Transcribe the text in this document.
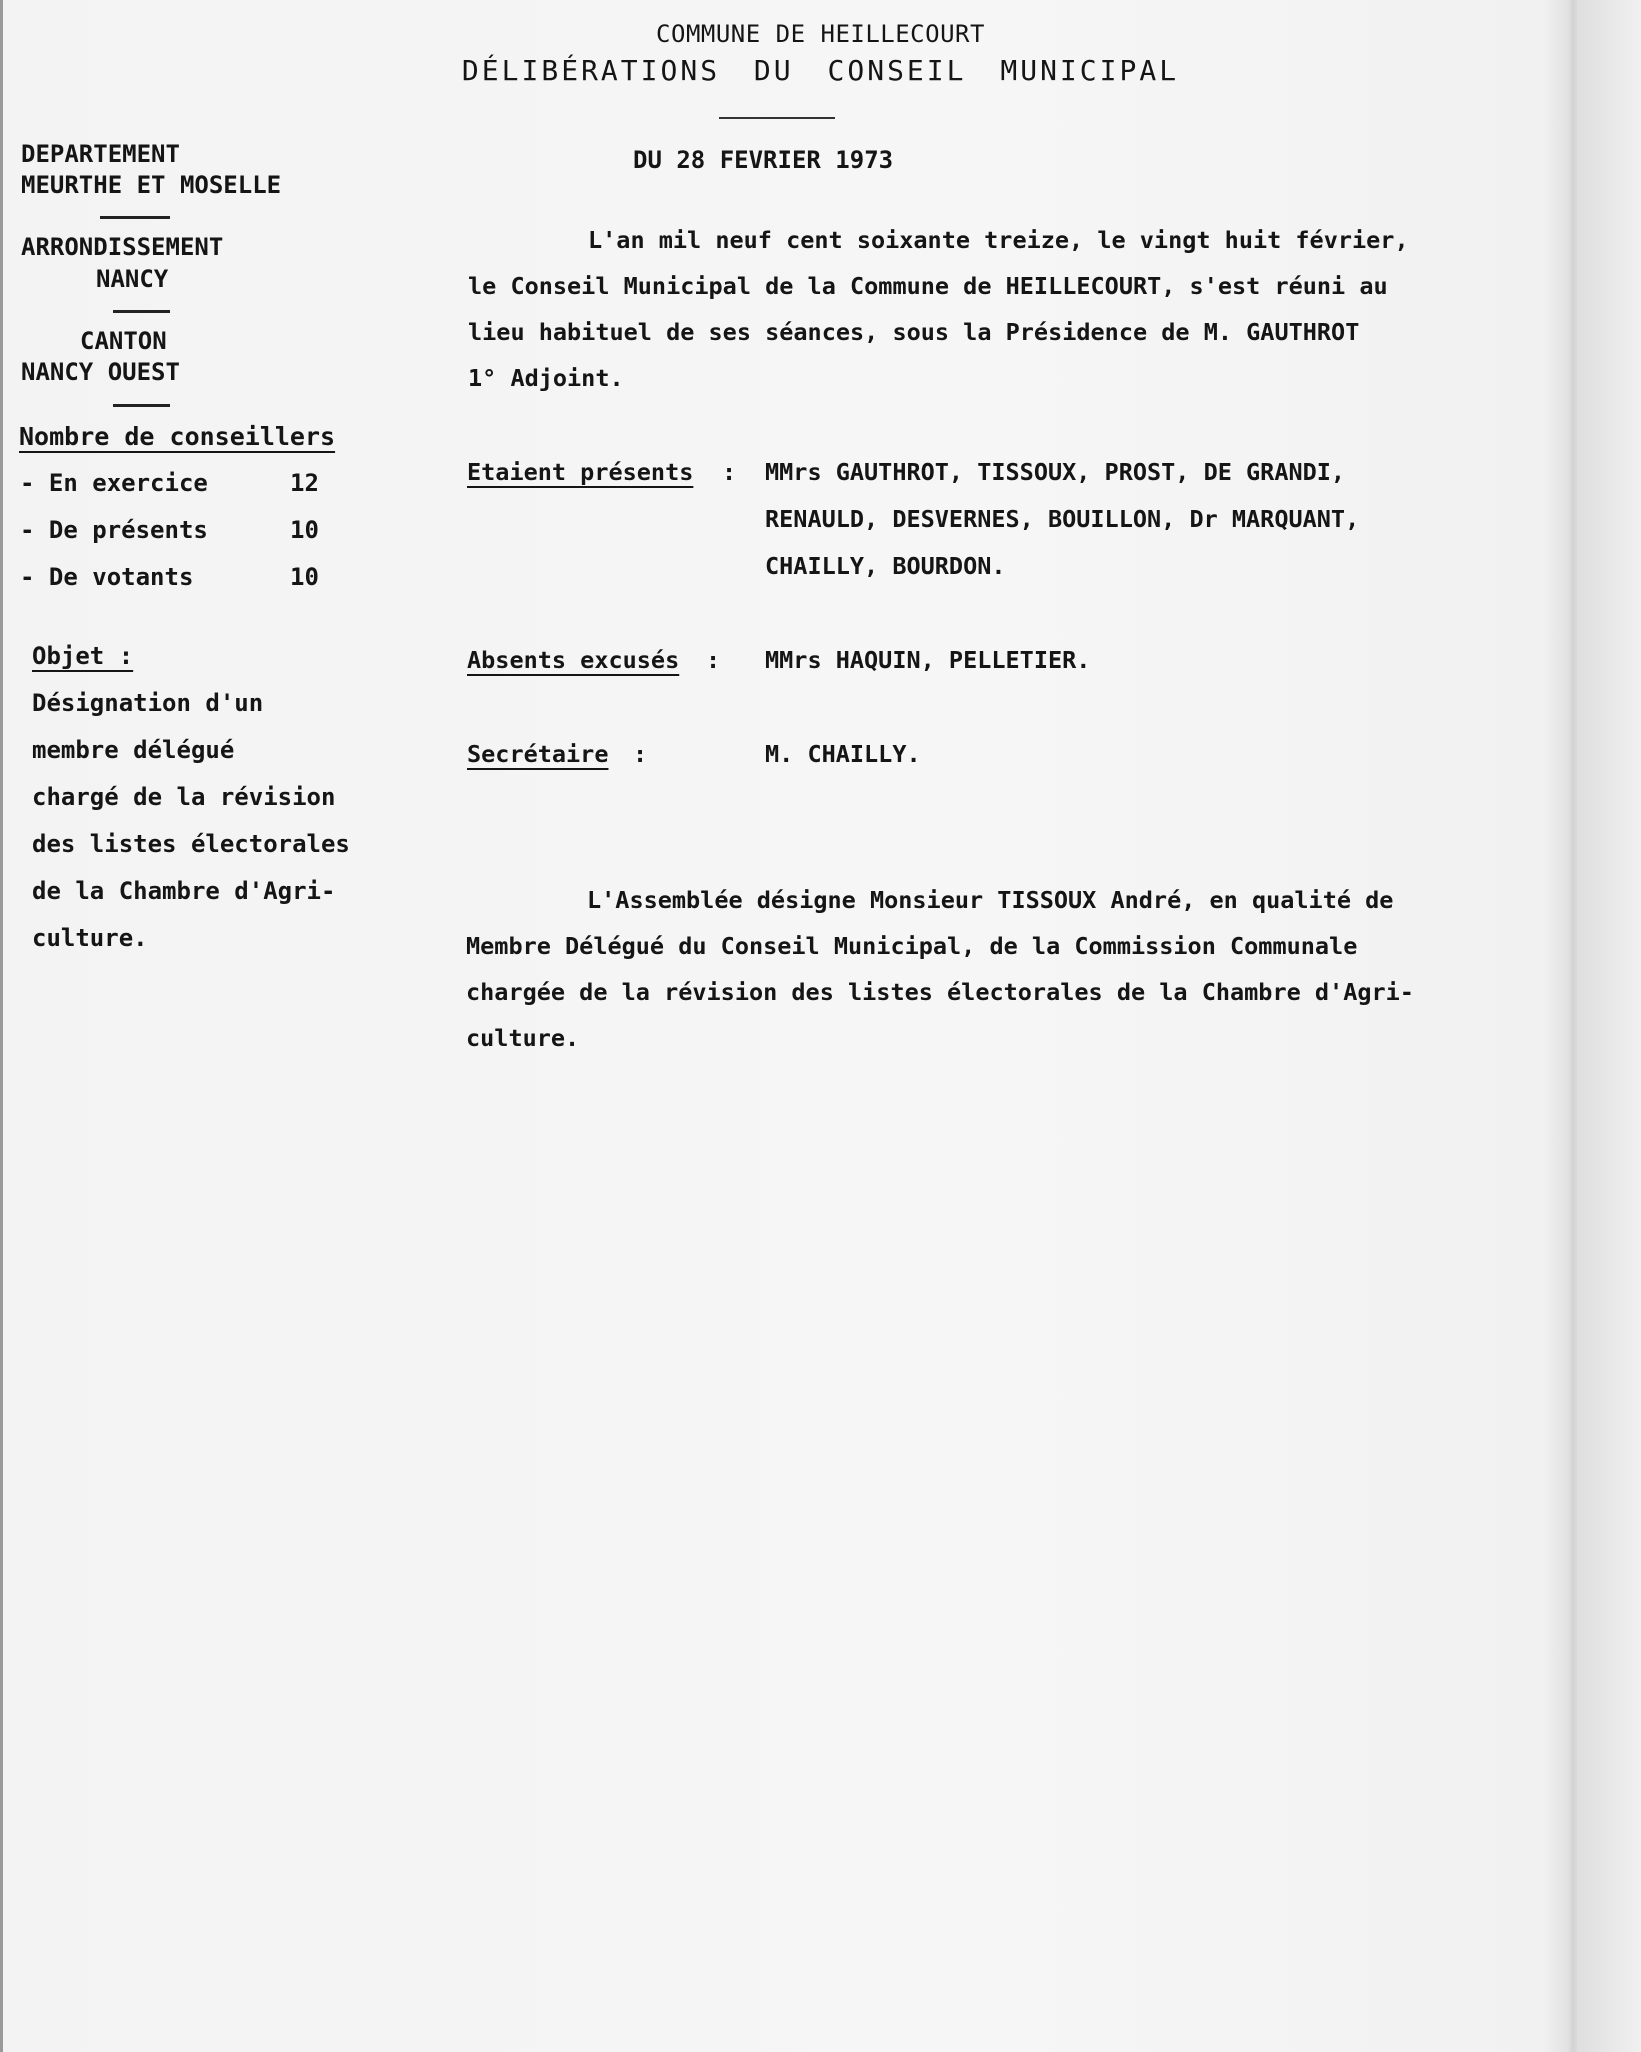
COMMUNE DE HEILLECOURT
DÉLIBÉRATIONS DU CONSEIL MUNICIPAL
DEPARTEMENT
MEURTHE ET MOSELLE
ARRONDISSEMENT
NANCY
CANTON
NANCY OUEST
Nombre de conseillers
- En exercice	12
- De présents	10
- De votants	10
Objet :
Désignation d'un
membre délégué
chargé de la révision
des listes électorales
de la Chambre d'Agri-
culture.
DU 28 FEVRIER 1973
L'an mil neuf cent soixante treize, le vingt huit février,
le Conseil Municipal de la Commune de HEILLECOURT, s'est réuni au
lieu habituel de ses séances, sous la Présidence de M. GAUTHROT
1° Adjoint.
Etaient présents : MMrs GAUTHROT, TISSOUX, PROST, DE GRANDI,
RENAULD, DESVERNES, BOUILLON, Dr MARQUANT,
CHAILLY, BOURDON.
Absents excusés : MMrs HAQUIN, PELLETIER.
Secrétaire :	M. CHAILLY.
L'Assemblée désigne Monsieur TISSOUX André, en qualité de
Membre Délégué du Conseil Municipal, de la Commission Communale
chargée de la révision des listes électorales de la Chambre d'Agri-
culture.
